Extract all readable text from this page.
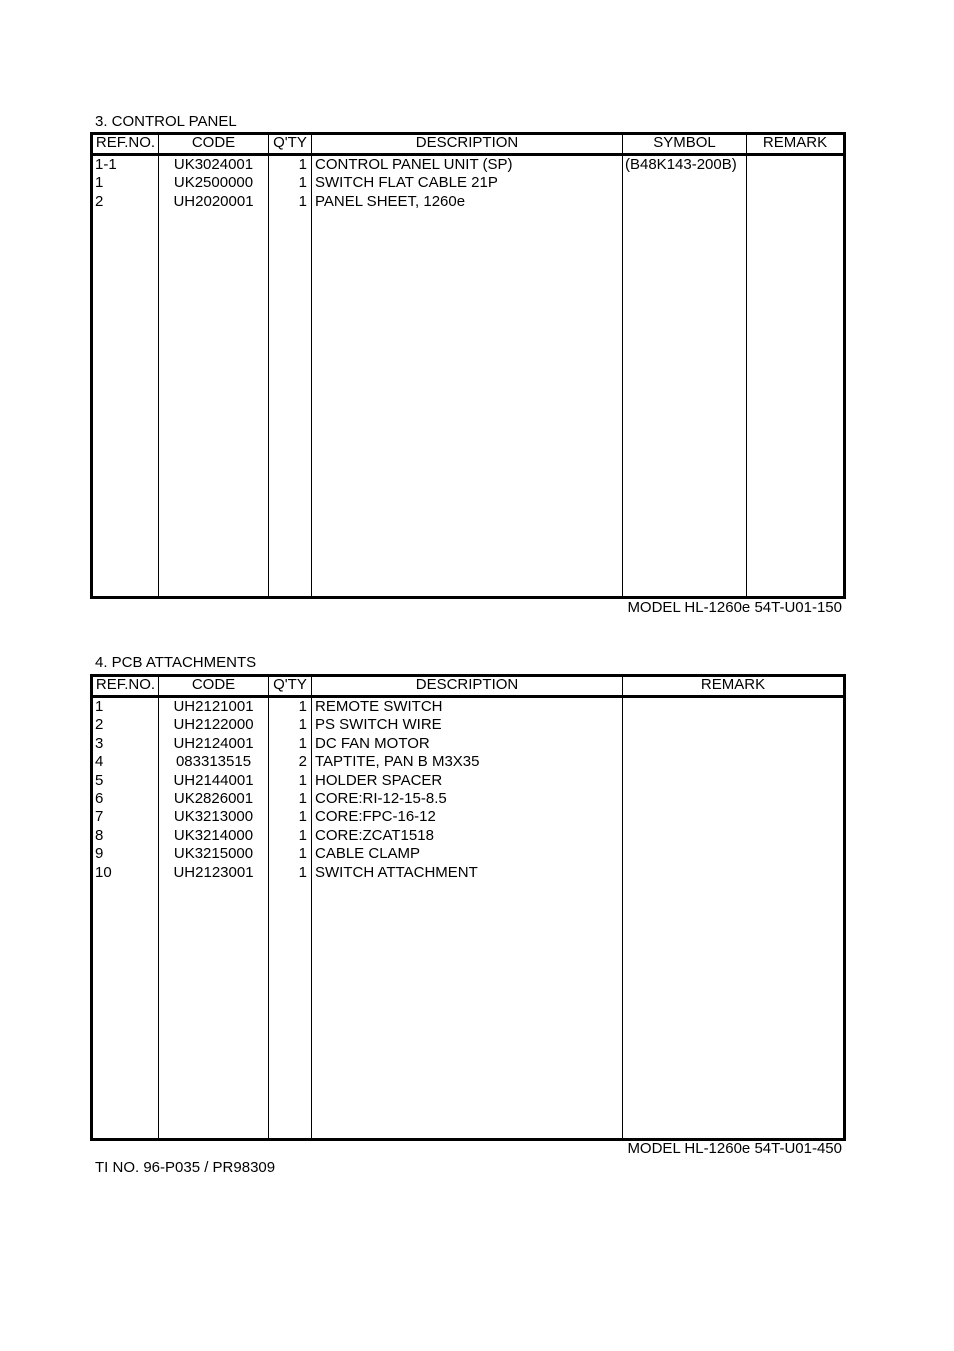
3. CONTROL PANEL
REF.NO.	CODE	Q'TY	DESCRIPTION	SYMBOL	REMARK
1-1	UK3024001	1 CONTROL PANEL UNIT (SP)	(B48K143-200B)
1	UK2500000	1 SWITCH FLAT CABLE 21P
2	UH2020001	1 PANEL SHEET, 1260e
MODEL HL-1260e 54T-U01-150
4. PCB ATTACHMENTS
REF.NO.	CODE	Q'TY	DESCRIPTION	REMARK
1	UH2121001	1 REMOTE SWITCH
2	UH2122000	1 PS SWITCH WIRE
3	UH2124001	1 DC FAN MOTOR
4	083313515	2 TAPTITE, PAN B M3X35
5	UH2144001	1 HOLDER SPACER
6	UK2826001	1 CORE:RI-12-15-8.5
7	UK3213000	1 CORE:FPC-16-12
8	UK3214000	1 CORE:ZCAT1518
9	UK3215000	1 CABLE CLAMP
10	UH2123001	1 SWITCH ATTACHMENT
MODEL HL-1260e 54T-U01-450
TI NO. 96-P035 / PR98309
